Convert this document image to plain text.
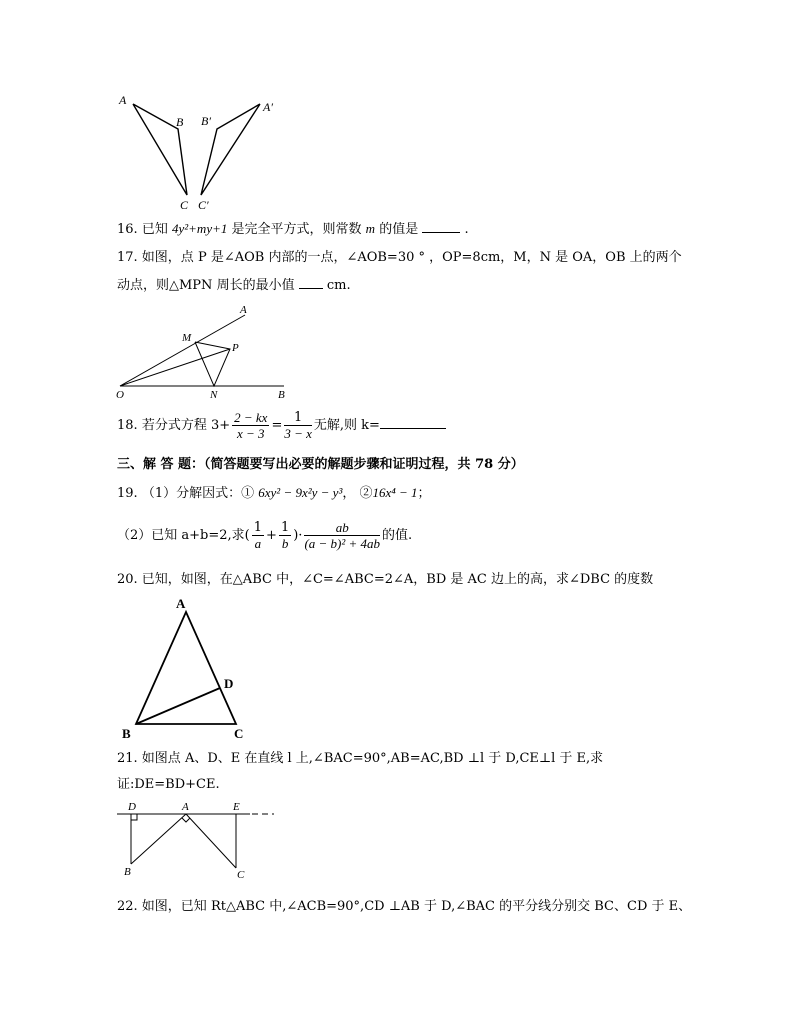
A
B
C
B′
A′
C′
16. 已知 4y²+my+1 是完全平方式，则常数 m 的值是	.
17. 如图，点 P 是∠AOB 内部的一点，∠AOB=30 ° ，OP=8cm，M，N 是 OA，OB 上的两个
动点，则△MPN 周长的最小值 cm.
A
M
P
O	N	B
18. 若分式方程 $3+ \frac{2 - kx}{x - 3} = \frac{1}{3 - x}$ 无解,则 k=
三、解 答 题：（简答题要写出必要的解题步骤和证明过程，共 78 分）
19. （1）分解因式：① 6xy² − 9x²y − y³， ②16x⁴ − 1；
（2）已知 a+b=2,求( $\frac{1}{a} + \frac{1}{b}$ )· $\frac{ab}{\text{(a − b)² + 4ab}}$ 的值.
20. 已知，如图，在△ABC 中，∠C=∠ABC=2∠A，BD 是 AC 边上的高，求∠DBC 的度数
A
B	C
D
21. 如图点 A、D、E 在直线 l 上,∠BAC=90°,AB=AC,BD ⊥l 于 D,CE⊥l 于 E,求
证:DE=BD+CE.
D	A	E
B	C
22. 如图，已知 Rt△ABC 中,∠ACB=90°,CD ⊥AB 于 D,∠BAC 的平分线分别交 BC、CD 于 E、
